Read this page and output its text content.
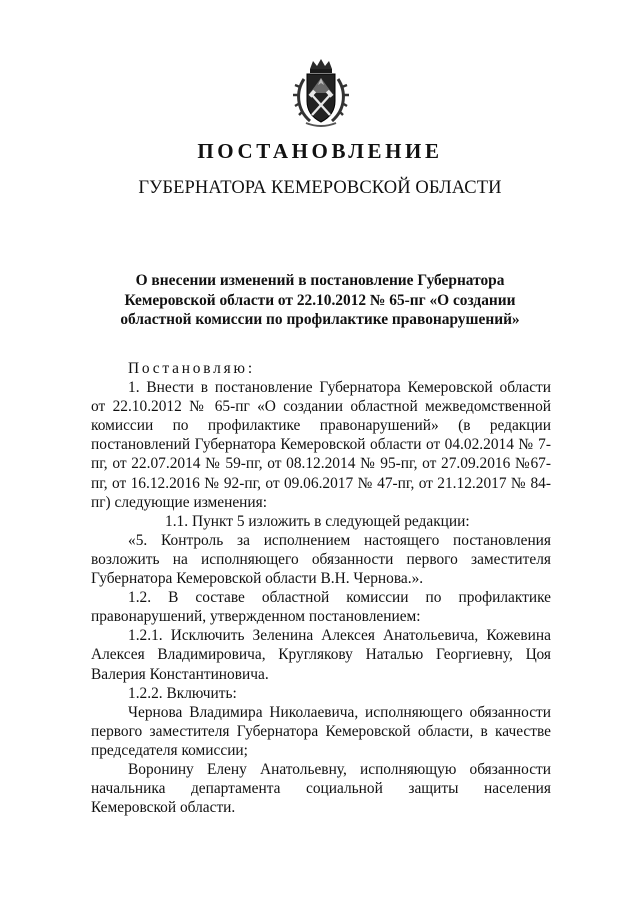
ПОСТАНОВЛЕНИЕ
ГУБЕРНАТОРА КЕМЕРОВСКОЙ ОБЛАСТИ
О внесении изменений в постановление Губернатора Кемеровской области от 22.10.2012 № 65-пг «О создании областной комиссии по профилактике правонарушений»

Постановляю:

1. Внести в постановление Губернатора Кемеровской области от 22.10.2012 № 65-пг «О создании областной межведомственной комиссии по профилактике правонарушений» (в редакции постановлений Губернатора Кемеровской области от 04.02.2014 № 7-пг, от 22.07.2014 № 59-пг, от 08.12.2014 № 95-пг, от 27.09.2016 №67-пг, от 16.12.2016 № 92-пг, от 09.06.2017 № 47-пг, от 21.12.2017 № 84-пг) следующие изменения:

1.1. Пункт 5 изложить в следующей редакции:

«5. Контроль за исполнением настоящего постановления возложить на исполняющего обязанности первого заместителя Губернатора Кемеровской области В.Н. Чернова.».

1.2. В составе областной комиссии по профилактике правонарушений, утвержденном постановлением:

1.2.1. Исключить Зеленина Алексея Анатольевича, Кожевина Алексея Владимировича, Круглякову Наталью Георгиевну, Цоя Валерия Константиновича.

1.2.2. Включить:

Чернова Владимира Николаевича, исполняющего обязанности первого заместителя Губернатора Кемеровской области, в качестве председателя комиссии;

Воронину Елену Анатольевну, исполняющую обязанности начальника департамента социальной защиты населения Кемеровской области.
